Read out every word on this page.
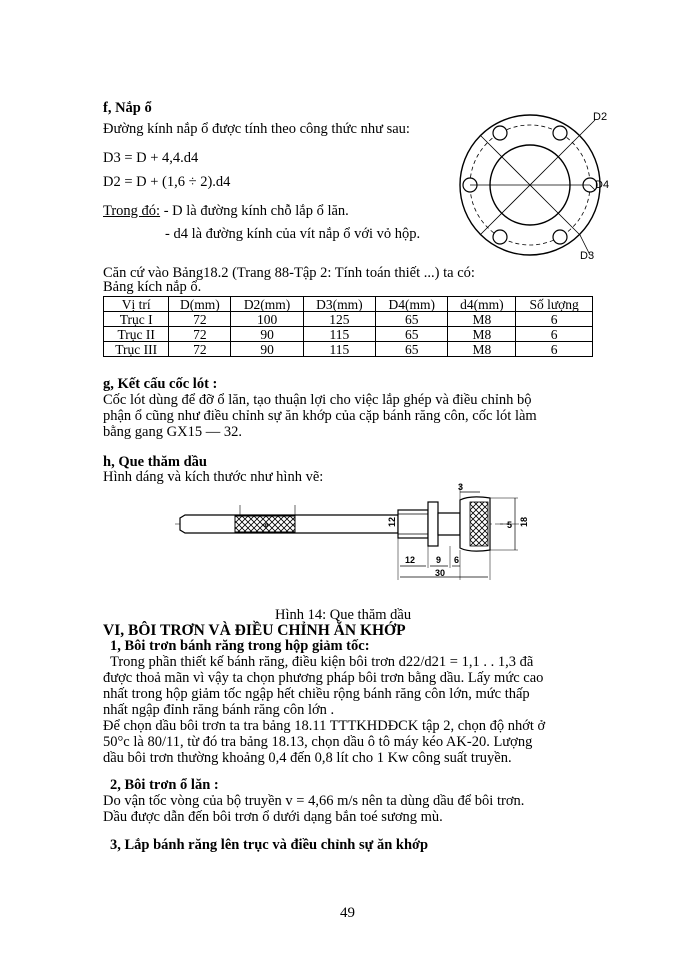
f, Nắp ổ
Đường kính nắp ổ được tính theo công thức như sau:
D3 = D + 4,4.d4
D2 = D + (1,6 ÷ 2).d4
Trong đó: - D là đường kính chỗ lắp ổ lăn.
- d4 là đường kính của vít nắp ổ với vỏ hộp.
D2
D4
D3
Căn cứ vào Bảng18.2 (Trang 88-Tập 2: Tính toán thiết ...) ta có:
Bảng kích nắp ổ.
Vị trí	D(mm)	D2(mm)	D3(mm)	D4(mm)	d4(mm)	Số lượng
Trục I	72	100	125	65	M8	6
Trục II	72	90	115	65	M8	6
Trục III	72	90	115	65	M8	6
g, Kết cấu cốc lót :
Cốc lót dùng để đỡ ổ lăn, tạo thuận lợi cho việc lắp ghép và điều chỉnh bộ
phận ổ cũng như điều chỉnh sự ăn khớp của cặp bánh răng côn, cốc lót làm
bằng gang GX15 — 32.
h, Que thăm dầu
Hình dáng và kích thước như hình vẽ:
6	12	5 18
3
12 9 6
30
Hình 14: Que thăm dầu
VI, BÔI TRƠN VÀ ĐIỀU CHỈNH ĂN KHỚP
1, Bôi trơn bánh răng trong hộp giảm tốc:
Trong phần thiết kế bánh răng, điều kiện bôi trơn d22/d21 = 1,1 . . 1,3 đã
được thoả mãn vì vậy ta chọn phương pháp bôi trơn bằng dầu. Lấy mức cao
nhất trong hộp giảm tốc ngập hết chiều rộng bánh răng côn lớn, mức thấp
nhất ngập đỉnh răng bánh răng côn lớn .
Để chọn dầu bôi trơn ta tra bảng 18.11 TTTKHDĐCK tập 2, chọn độ nhớt ở
50°c là 80/11, từ đó tra bảng 18.13, chọn dầu ô tô máy kéo AK-20. Lượng
dầu bôi trơn thường khoảng 0,4 đến 0,8 lít cho 1 Kw công suất truyền.
2, Bôi trơn ổ lăn :
Do vận tốc vòng của bộ truyền v = 4,66 m/s nên ta dùng dầu để bôi trơn.
Dầu được dẫn đến bôi trơn ổ dưới dạng bắn toé sương mù.
3, Lắp bánh răng lên trục và điều chỉnh sự ăn khớp
49
